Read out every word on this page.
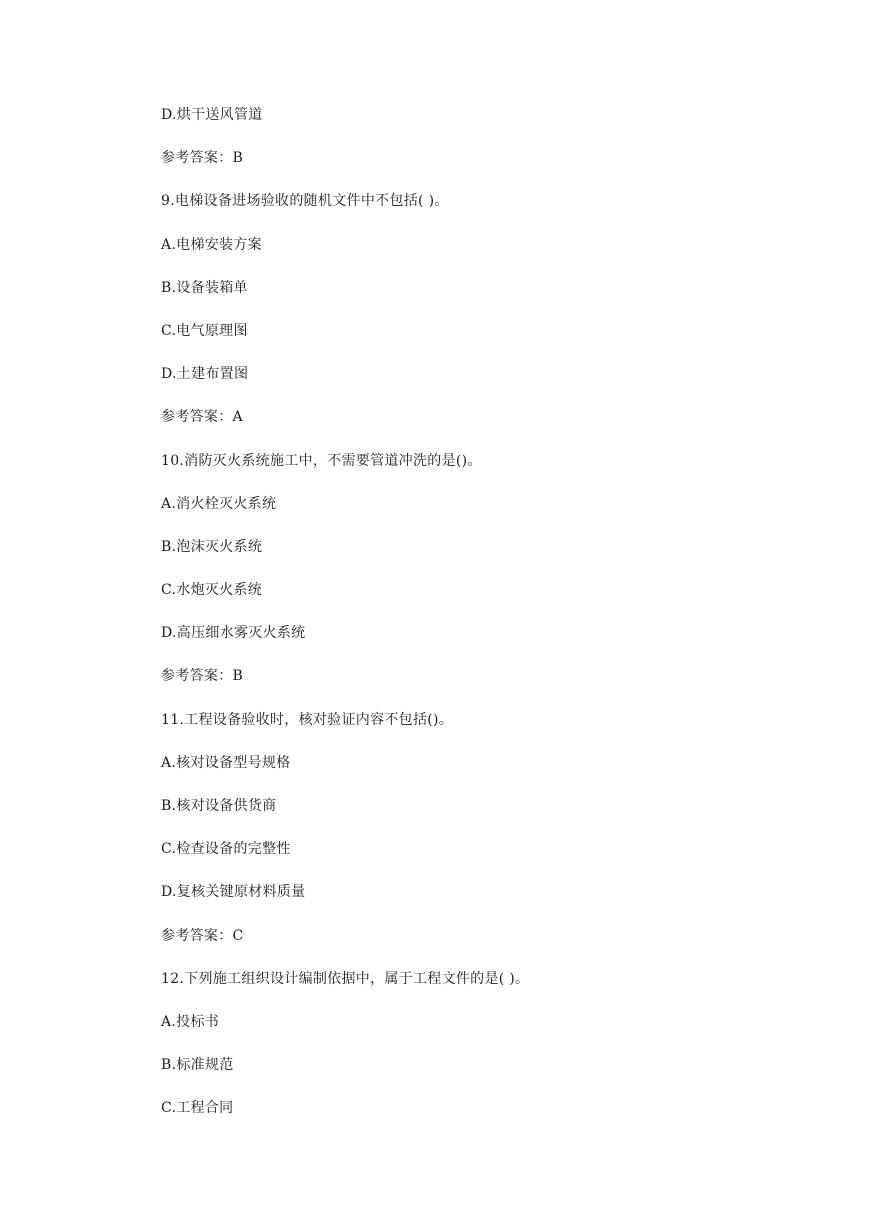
D.烘干送风管道
参考答案：B
9.电梯设备进场验收的随机文件中不包括( )。
A.电梯安装方案
B.设备装箱单
C.电气原理图
D.土建布置图
参考答案：A
10.消防灭火系统施工中，不需要管道冲洗的是()。
A.消火栓灭火系统
B.泡沫灭火系统
C.水炮灭火系统
D.高压细水雾灭火系统
参考答案：B
11.工程设备验收时，核对验证内容不包括()。
A.核对设备型号规格
B.核对设备供货商
C.检查设备的完整性
D.复核关键原材料质量
参考答案：C
12.下列施工组织设计编制依据中，属于工程文件的是( )。
A.投标书
B.标准规范
C.工程合同
